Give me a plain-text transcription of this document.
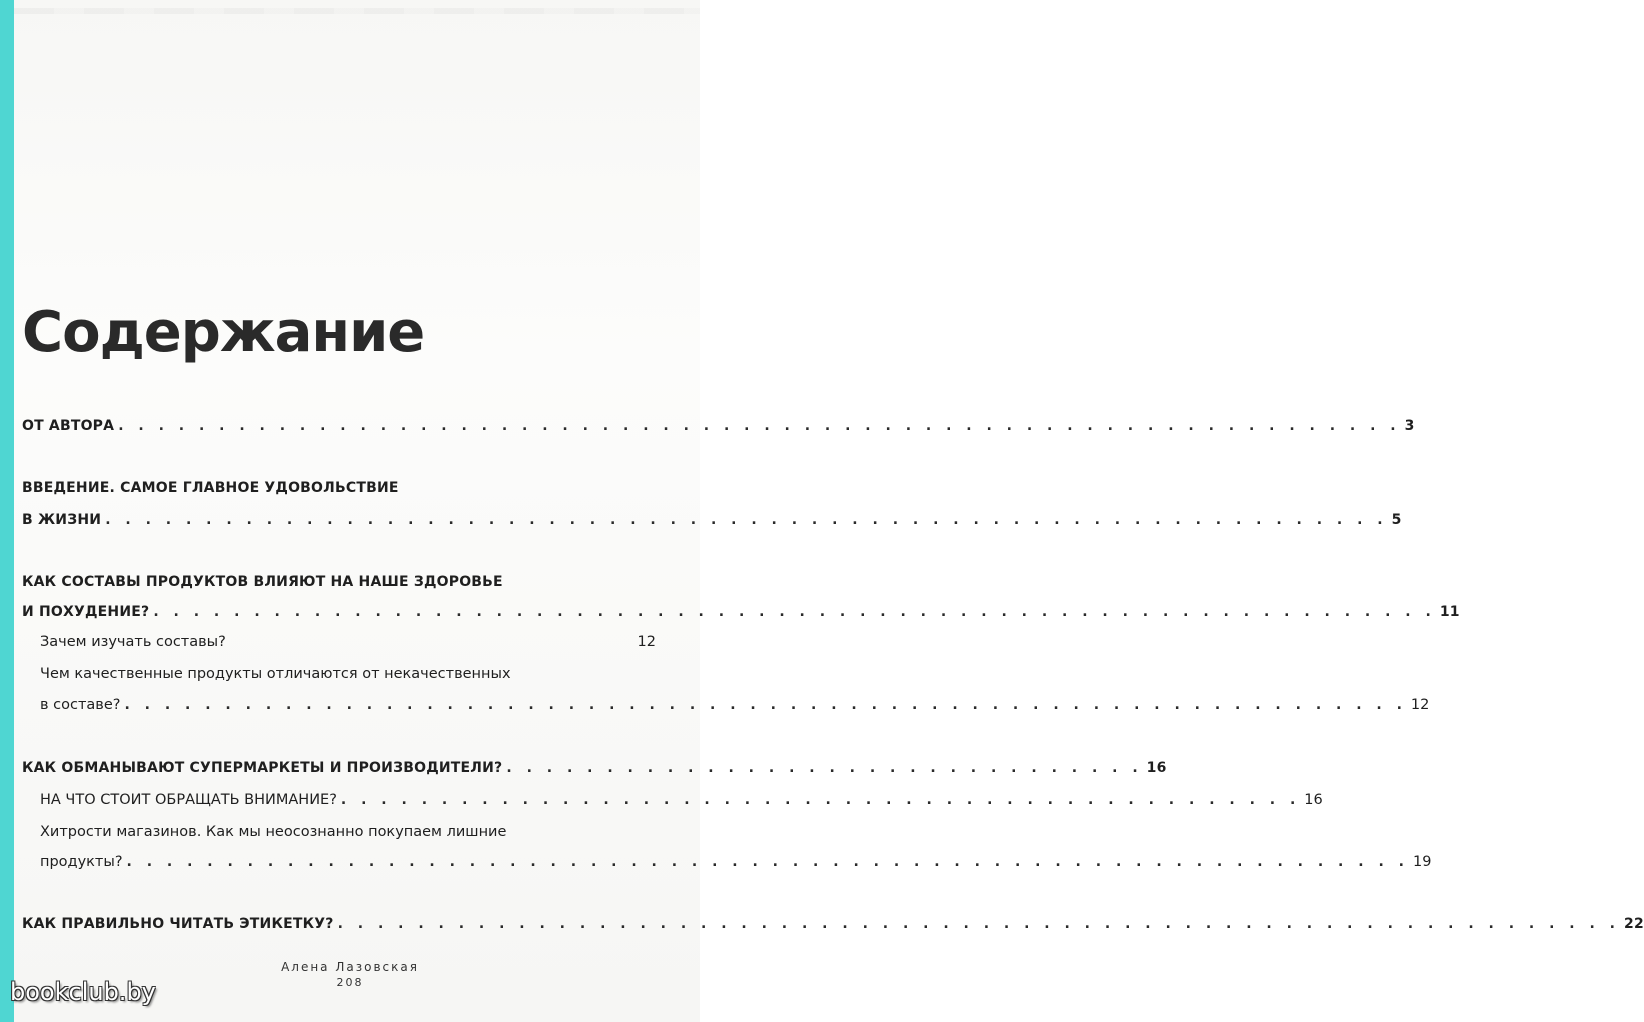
Содержание
ОТ АВТОРА . . . . . . . . . . . . . . . . . . . . . . . . . . . . . . . . . . . . . . . . . . . . . . . . . . . . . . . . . . . . . . . . 3
ВВЕДЕНИЕ. САМОЕ ГЛАВНОЕ УДОВОЛЬСТВИЕ
В ЖИЗНИ . . . . . . . . . . . . . . . . . . . . . . . . . . . . . . . . . . . . . . . . . . . . . . . . . . . . . . . . . . . . . . . . 5
КАК СОСТАВЫ ПРОДУКТОВ ВЛИЯЮТ НА НАШЕ ЗДОРОВЬЕ
И ПОХУДЕНИЕ? . . . . . . . . . . . . . . . . . . . . . . . . . . . . . . . . . . . . . . . . . . . . . . . . . . . . . . . . . . . . . . . . 11
Зачем изучать составы?
	12
Чем качественные продукты отличаются от некачественных
в составе? . . . . . . . . . . . . . . . . . . . . . . . . . . . . . . . . . . . . . . . . . . . . . . . . . . . . . . . . . . . . . . . . 12
КАК ОБМАНЫВАЮТ СУПЕРМАРКЕТЫ И ПРОИЗВОДИТЕЛИ? . . . . . . . . . . . . . . . . . . . . . . . . . . . . . . . . 16
НА ЧТО СТОИТ ОБРАЩАТЬ ВНИМАНИЕ? . . . . . . . . . . . . . . . . . . . . . . . . . . . . . . . . . . . . . . . . . . . . . . . . 16
Хитрости магазинов. Как мы неосознанно покупаем лишние
продукты? . . . . . . . . . . . . . . . . . . . . . . . . . . . . . . . . . . . . . . . . . . . . . . . . . . . . . . . . . . . . . . . . 19
КАК ПРАВИЛЬНО ЧИТАТЬ ЭТИКЕТКУ? . . . . . . . . . . . . . . . . . . . . . . . . . . . . . . . . . . . . . . . . . . . . . . . . . . . . . . . . . . . . . . . . 22
Алена Лазовская
208
bookclub.by
